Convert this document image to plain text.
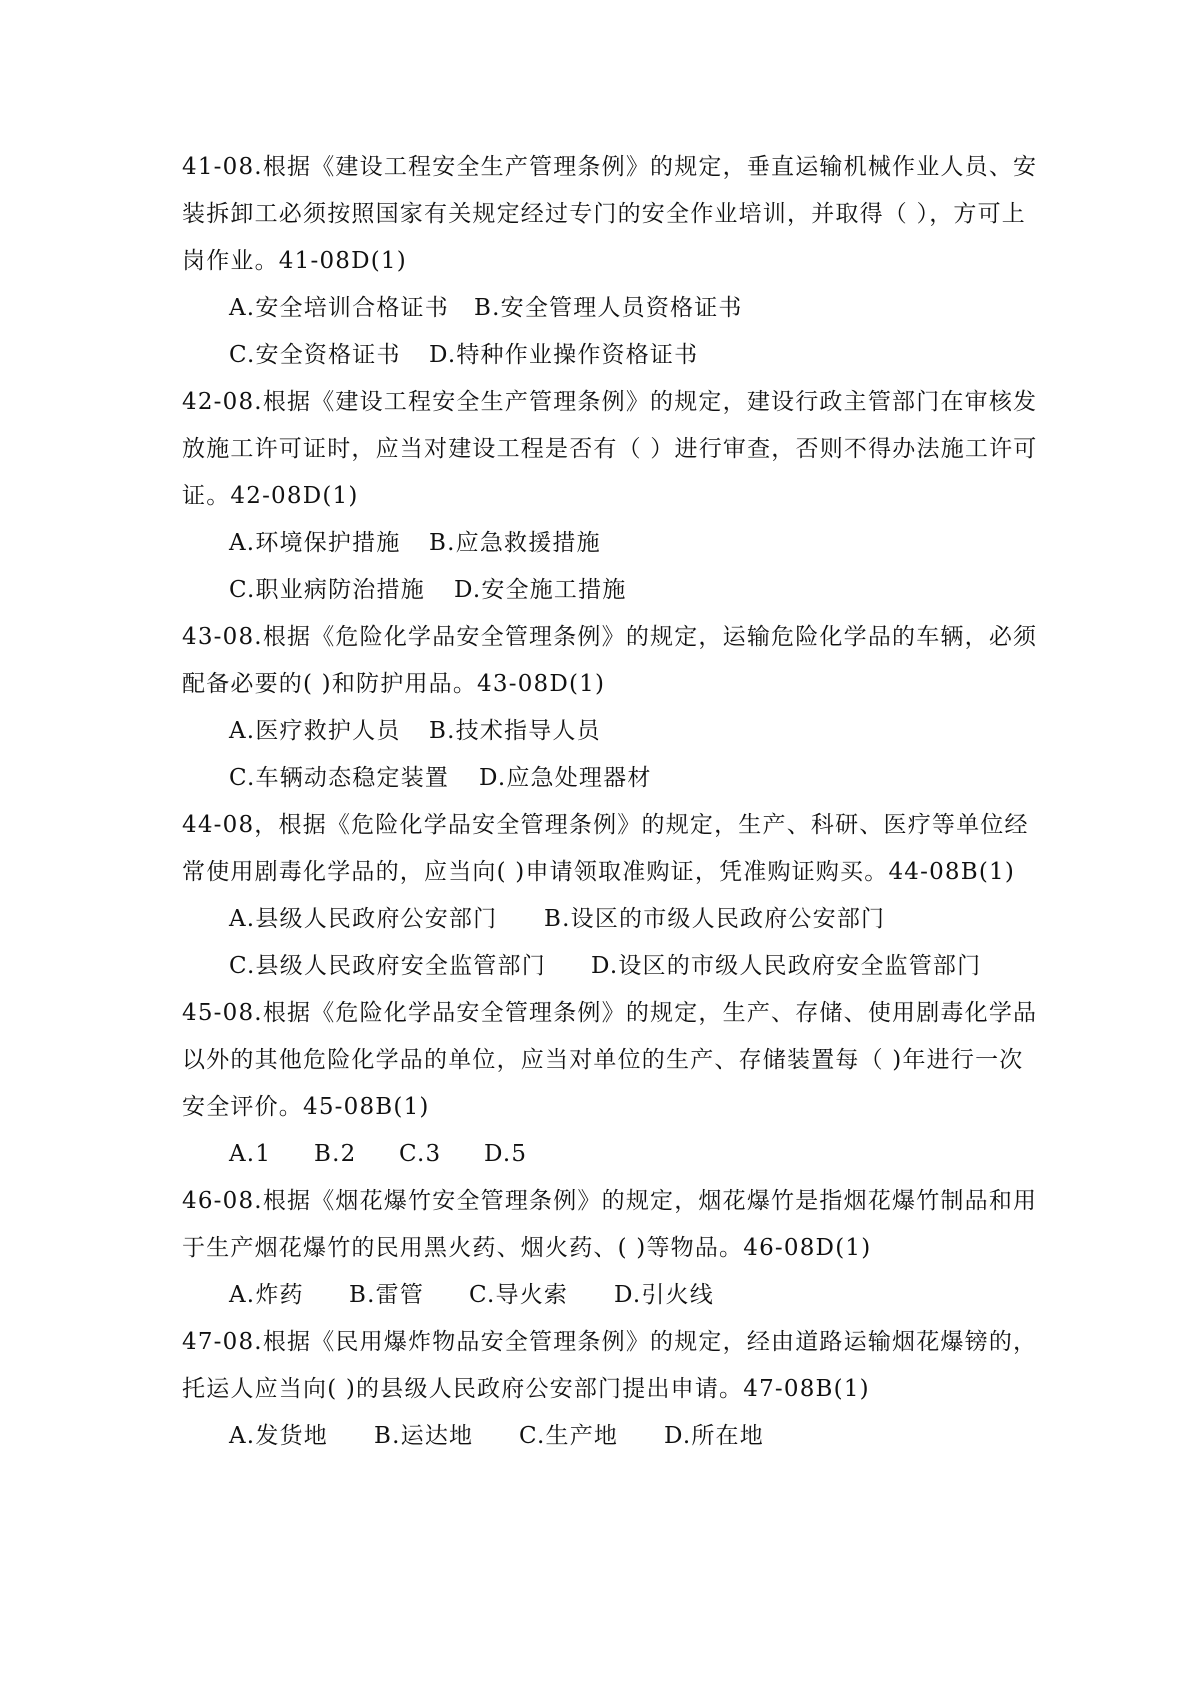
41-08.根据《建设工程安全生产管理条例》的规定，垂直运输机械作业人员、安
装拆卸工必须按照国家有关规定经过专门的安全作业培训，并取得（ ），方可上
岗作业。41-08D(1)
A.安全培训合格证书 B.安全管理人员资格证书
C.安全资格证书 D.特种作业操作资格证书
42-08.根据《建设工程安全生产管理条例》的规定，建设行政主管部门在审核发
放施工许可证时，应当对建设工程是否有（ ）进行审查，否则不得办法施工许可
证。42-08D(1)
A.环境保护措施 B.应急救援措施
C.职业病防治措施 D.安全施工措施
43-08.根据《危险化学品安全管理条例》的规定，运输危险化学品的车辆，必须
配备必要的( )和防护用品。43-08D(1)
A.医疗救护人员 B.技术指导人员
C.车辆动态稳定装置 D.应急处理器材
44-08，根据《危险化学品安全管理条例》的规定，生产、科研、医疗等单位经
常使用剧毒化学品的，应当向( )申请领取准购证，凭准购证购买。44-08B(1)
A.县级人民政府公安部门 B.设区的市级人民政府公安部门
C.县级人民政府安全监管部门 D.设区的市级人民政府安全监管部门
45-08.根据《危险化学品安全管理条例》的规定，生产、存储、使用剧毒化学品
以外的其他危险化学品的单位，应当对单位的生产、存储装置每（ )年进行一次
安全评价。45-08B(1)
A.1 B.2 C.3 D.5
46-08.根据《烟花爆竹安全管理条例》的规定，烟花爆竹是指烟花爆竹制品和用
于生产烟花爆竹的民用黑火药、烟火药、( )等物品。46-08D(1)
A.炸药 B.雷管 C.导火索 D.引火线
47-08.根据《民用爆炸物品安全管理条例》的规定，经由道路运输烟花爆镑的，
托运人应当向( )的县级人民政府公安部门提出申请。47-08B(1)
A.发货地 B.运达地 C.生产地 D.所在地
